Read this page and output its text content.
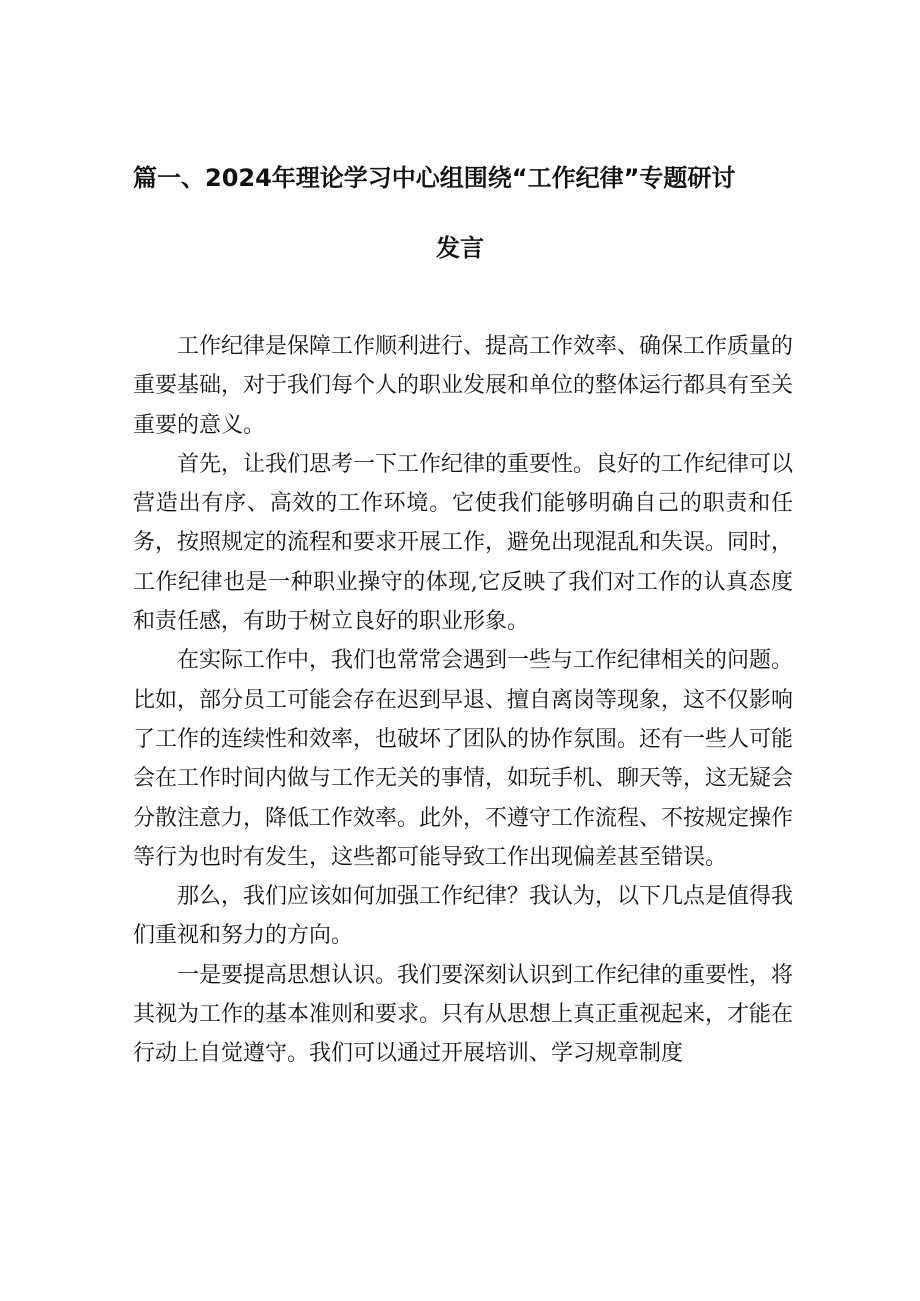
篇一、2024年理论学习中心组围绕“工作纪律”专题研讨
发言

工作纪律是保障工作顺利进行、提高工作效率、确保工作质量的重要基础，对于我们每个人的职业发展和单位的整体运行都具有至关重要的意义。

首先，让我们思考一下工作纪律的重要性。良好的工作纪律可以营造出有序、高效的工作环境。它使我们能够明确自己的职责和任务，按照规定的流程和要求开展工作，避免出现混乱和失误。同时，工作纪律也是一种职业操守的体现,它反映了我们对工作的认真态度和责任感，有助于树立良好的职业形象。

在实际工作中，我们也常常会遇到一些与工作纪律相关的问题。比如，部分员工可能会存在迟到早退、擅自离岗等现象，这不仅影响了工作的连续性和效率，也破坏了团队的协作氛围。还有一些人可能会在工作时间内做与工作无关的事情，如玩手机、聊天等，这无疑会分散注意力，降低工作效率。此外，不遵守工作流程、不按规定操作等行为也时有发生，这些都可能导致工作出现偏差甚至错误。

那么，我们应该如何加强工作纪律？我认为，以下几点是值得我们重视和努力的方向。

一是要提高思想认识。我们要深刻认识到工作纪律的重要性，将其视为工作的基本准则和要求。只有从思想上真正重视起来，才能在行动上自觉遵守。我们可以通过开展培训、学习规章制度
